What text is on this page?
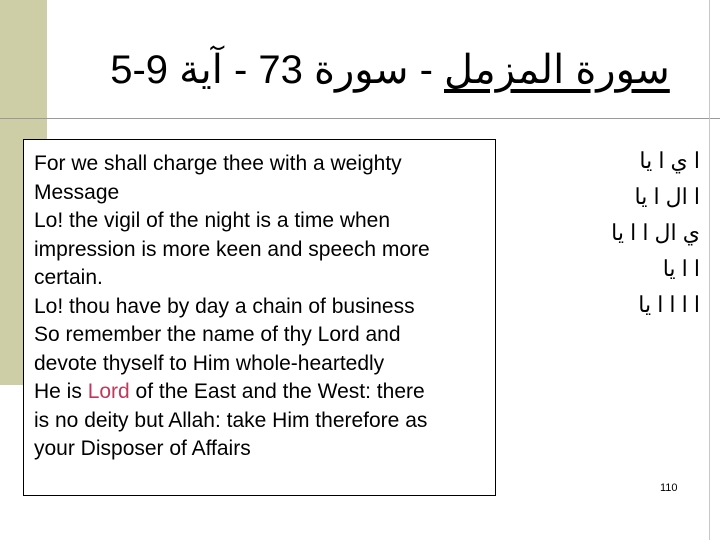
5-9	سورة المزمل - سورة 73 - آية
For we shall charge thee with a weighty
Message
Lo! the vigil of the night is a time when
impression is more keen and speech more
certain.
Lo! thou have by day a chain of business
So remember the name of thy Lord and
devote thyself to Him whole-heartedly
He is Lord of the East and the West: there
is no deity but Allah: take Him therefore as
your Disposer of Affairs
ا ي ا يا
ا ال ا يا
ي ال ا ا يا
ا ا يا
ا ا ا ا يا
110
